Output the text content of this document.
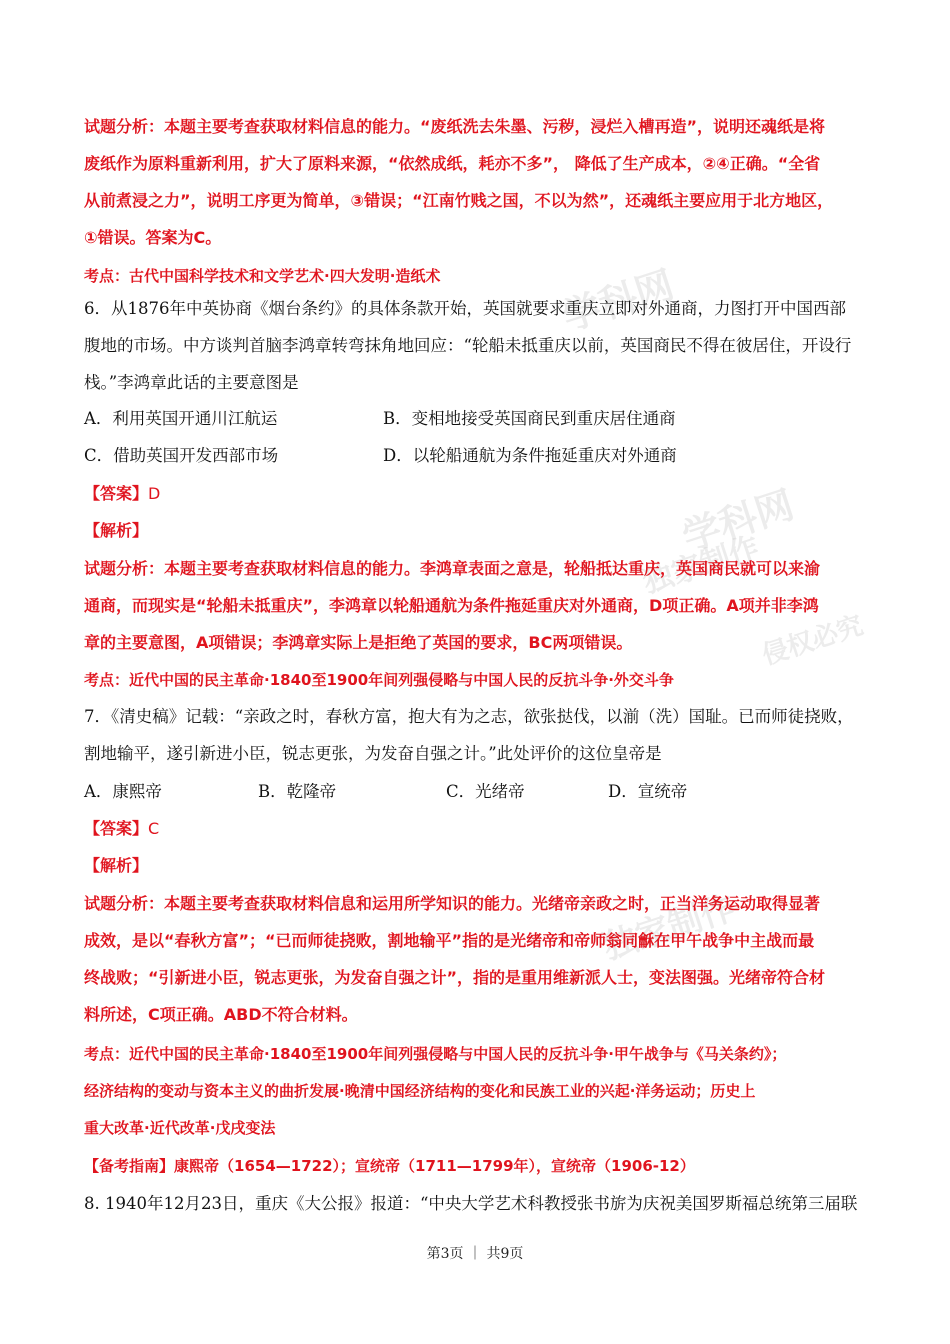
学科网
学科网
独家制作
独家制作
侵权必究
试题分析：本题主要考查获取材料信息的能力。“废纸洗去朱墨、污秽，浸烂入槽再造”，说明还魂纸是将
废纸作为原料重新利用，扩大了原料来源，“依然成纸，耗亦不多”， 降低了生产成本，②④正确。“全省
从前煮浸之力”，说明工序更为简单，③错误；“江南竹贱之国，不以为然”，还魂纸主要应用于北方地区，
①错误。答案为C。
考点：古代中国科学技术和文学艺术·四大发明·造纸术
6．从1876年中英协商《烟台条约》的具体条款开始，英国就要求重庆立即对外通商，力图打开中国西部
腹地的市场。中方谈判首脑李鸿章转弯抹角地回应：“轮船未抵重庆以前，英国商民不得在彼居住，开设行
栈。”李鸿章此话的主要意图是
A．利用英国开通川江航运	B．变相地接受英国商民到重庆居住通商
C．借助英国开发西部市场	D．以轮船通航为条件拖延重庆对外通商
【答案】D
【解析】
试题分析：本题主要考查获取材料信息的能力。李鸿章表面之意是，轮船抵达重庆，英国商民就可以来渝
通商，而现实是“轮船未抵重庆”，李鸿章以轮船通航为条件拖延重庆对外通商，D项正确。A项并非李鸿
章的主要意图，A项错误；李鸿章实际上是拒绝了英国的要求，BC两项错误。
考点：近代中国的民主革命·1840至1900年间列强侵略与中国人民的反抗斗争·外交斗争
7．《清史稿》记载：“亲政之时，春秋方富，抱大有为之志，欲张挞伐，以湔（洗）国耻。已而师徒挠败，
割地输平，遂引新进小臣，锐志更张，为发奋自强之计。”此处评价的这位皇帝是
A．康熙帝	B．乾隆帝	C．光绪帝	D．宣统帝
【答案】C
【解析】
试题分析：本题主要考查获取材料信息和运用所学知识的能力。光绪帝亲政之时，正当洋务运动取得显著
成效，是以“春秋方富”；“已而师徒挠败，割地输平”指的是光绪帝和帝师翁同龢在甲午战争中主战而最
终战败；“引新进小臣，锐志更张，为发奋自强之计”，指的是重用维新派人士，变法图强。光绪帝符合材
料所述，C项正确。ABD不符合材料。
考点：近代中国的民主革命·1840至1900年间列强侵略与中国人民的反抗斗争·甲午战争与《马关条约》；
经济结构的变动与资本主义的曲折发展·晚清中国经济结构的变化和民族工业的兴起·洋务运动；历史上
重大改革·近代改革·戊戌变法
【备考指南】康熙帝（1654—1722）；宣统帝（1711—1799年），宣统帝（1906-12）
8. 1940年12月23日，重庆《大公报》报道：“中央大学艺术科教授张书旂为庆祝美国罗斯福总统第三届联
第3页 ｜ 共9页
